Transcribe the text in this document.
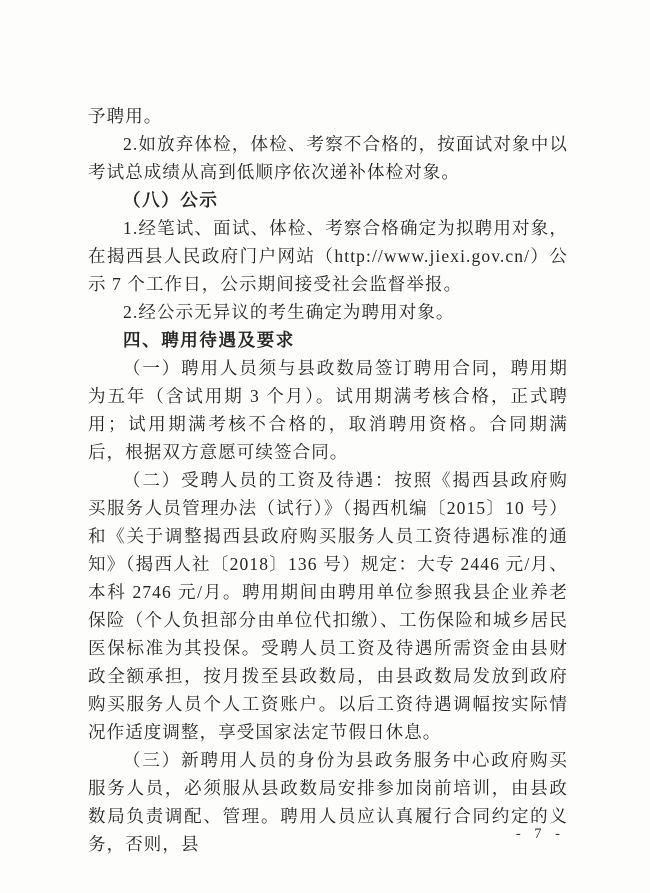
予聘用。

2.如放弃体检，体检、考察不合格的，按面试对象中以考试总成绩从高到低顺序依次递补体检对象。

（八）公示

1.经笔试、面试、体检、考察合格确定为拟聘用对象，在揭西县人民政府门户网站（http://www.jiexi.gov.cn/）公示 7 个工作日，公示期间接受社会监督举报。

2.经公示无异议的考生确定为聘用对象。

四、聘用待遇及要求

（一）聘用人员须与县政数局签订聘用合同，聘用期为五年（含试用期 3 个月）。试用期满考核合格，正式聘用；试用期满考核不合格的，取消聘用资格。合同期满后，根据双方意愿可续签合同。

（二）受聘人员的工资及待遇：按照《揭西县政府购买服务人员管理办法（试行）》（揭西机编〔2015〕10 号）和《关于调整揭西县政府购买服务人员工资待遇标准的通知》（揭西人社〔2018〕136 号）规定：大专 2446 元/月、本科 2746 元/月。聘用期间由聘用单位参照我县企业养老保险（个人负担部分由单位代扣缴）、工伤保险和城乡居民医保标准为其投保。受聘人员工资及待遇所需资金由县财政全额承担，按月拨至县政数局，由县政数局发放到政府购买服务人员个人工资账户。以后工资待遇调幅按实际情况作适度调整，享受国家法定节假日休息。

（三）新聘用人员的身份为县政务服务中心政府购买服务人员，必须服从县政数局安排参加岗前培训，由县政数局负责调配、管理。聘用人员应认真履行合同约定的义务，否则，县	- 7 -
